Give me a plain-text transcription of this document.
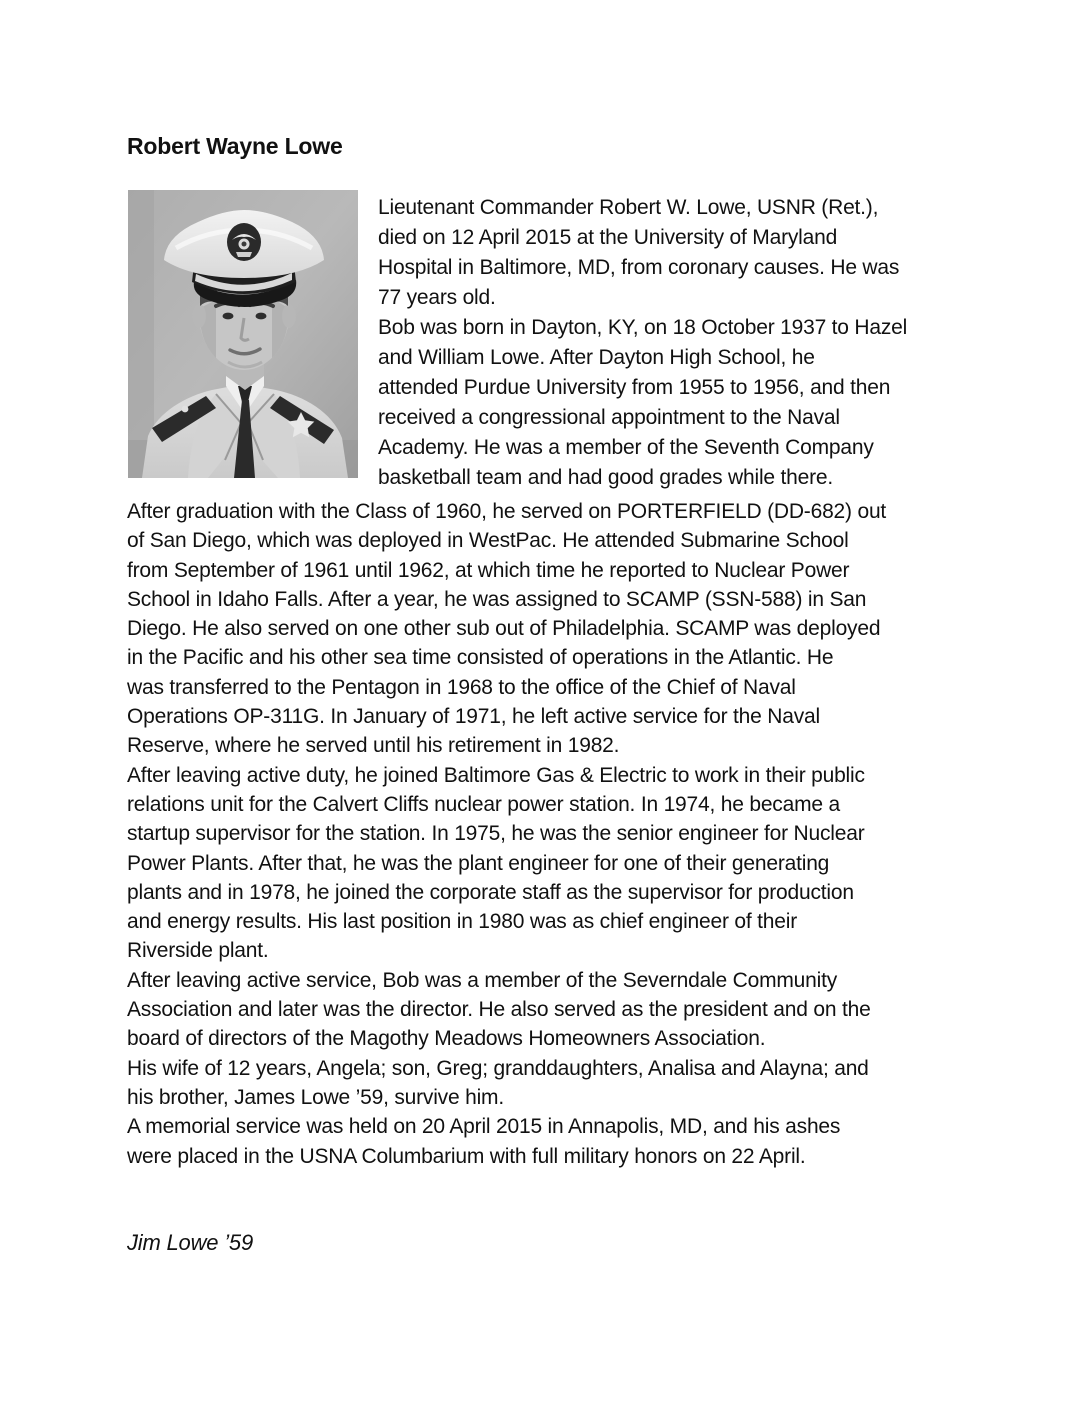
Robert Wayne Lowe
Lieutenant Commander Robert W. Lowe, USNR (Ret.),
died on 12 April 2015 at the University of Maryland
Hospital in Baltimore, MD, from coronary causes. He was
77 years old.
Bob was born in Dayton, KY, on 18 October 1937 to Hazel
and William Lowe. After Dayton High School, he
attended Purdue University from 1955 to 1956, and then
received a congressional appointment to the Naval
Academy. He was a member of the Seventh Company
basketball team and had good grades while there.
After graduation with the Class of 1960, he served on PORTERFIELD (DD-682) out
of San Diego, which was deployed in WestPac. He attended Submarine School
from September of 1961 until 1962, at which time he reported to Nuclear Power
School in Idaho Falls. After a year, he was assigned to SCAMP (SSN-588) in San
Diego. He also served on one other sub out of Philadelphia. SCAMP was deployed
in the Pacific and his other sea time consisted of operations in the Atlantic. He
was transferred to the Pentagon in 1968 to the office of the Chief of Naval
Operations OP-311G. In January of 1971, he left active service for the Naval
Reserve, where he served until his retirement in 1982.
After leaving active duty, he joined Baltimore Gas & Electric to work in their public
relations unit for the Calvert Cliffs nuclear power station. In 1974, he became a
startup supervisor for the station. In 1975, he was the senior engineer for Nuclear
Power Plants. After that, he was the plant engineer for one of their generating
plants and in 1978, he joined the corporate staff as the supervisor for production
and energy results. His last position in 1980 was as chief engineer of their
Riverside plant.
After leaving active service, Bob was a member of the Severndale Community
Association and later was the director. He also served as the president and on the
board of directors of the Magothy Meadows Homeowners Association.
His wife of 12 years, Angela; son, Greg; granddaughters, Analisa and Alayna; and
his brother, James Lowe ’59, survive him.
A memorial service was held on 20 April 2015 in Annapolis, MD, and his ashes
were placed in the USNA Columbarium with full military honors on 22 April.
Jim Lowe ’59
